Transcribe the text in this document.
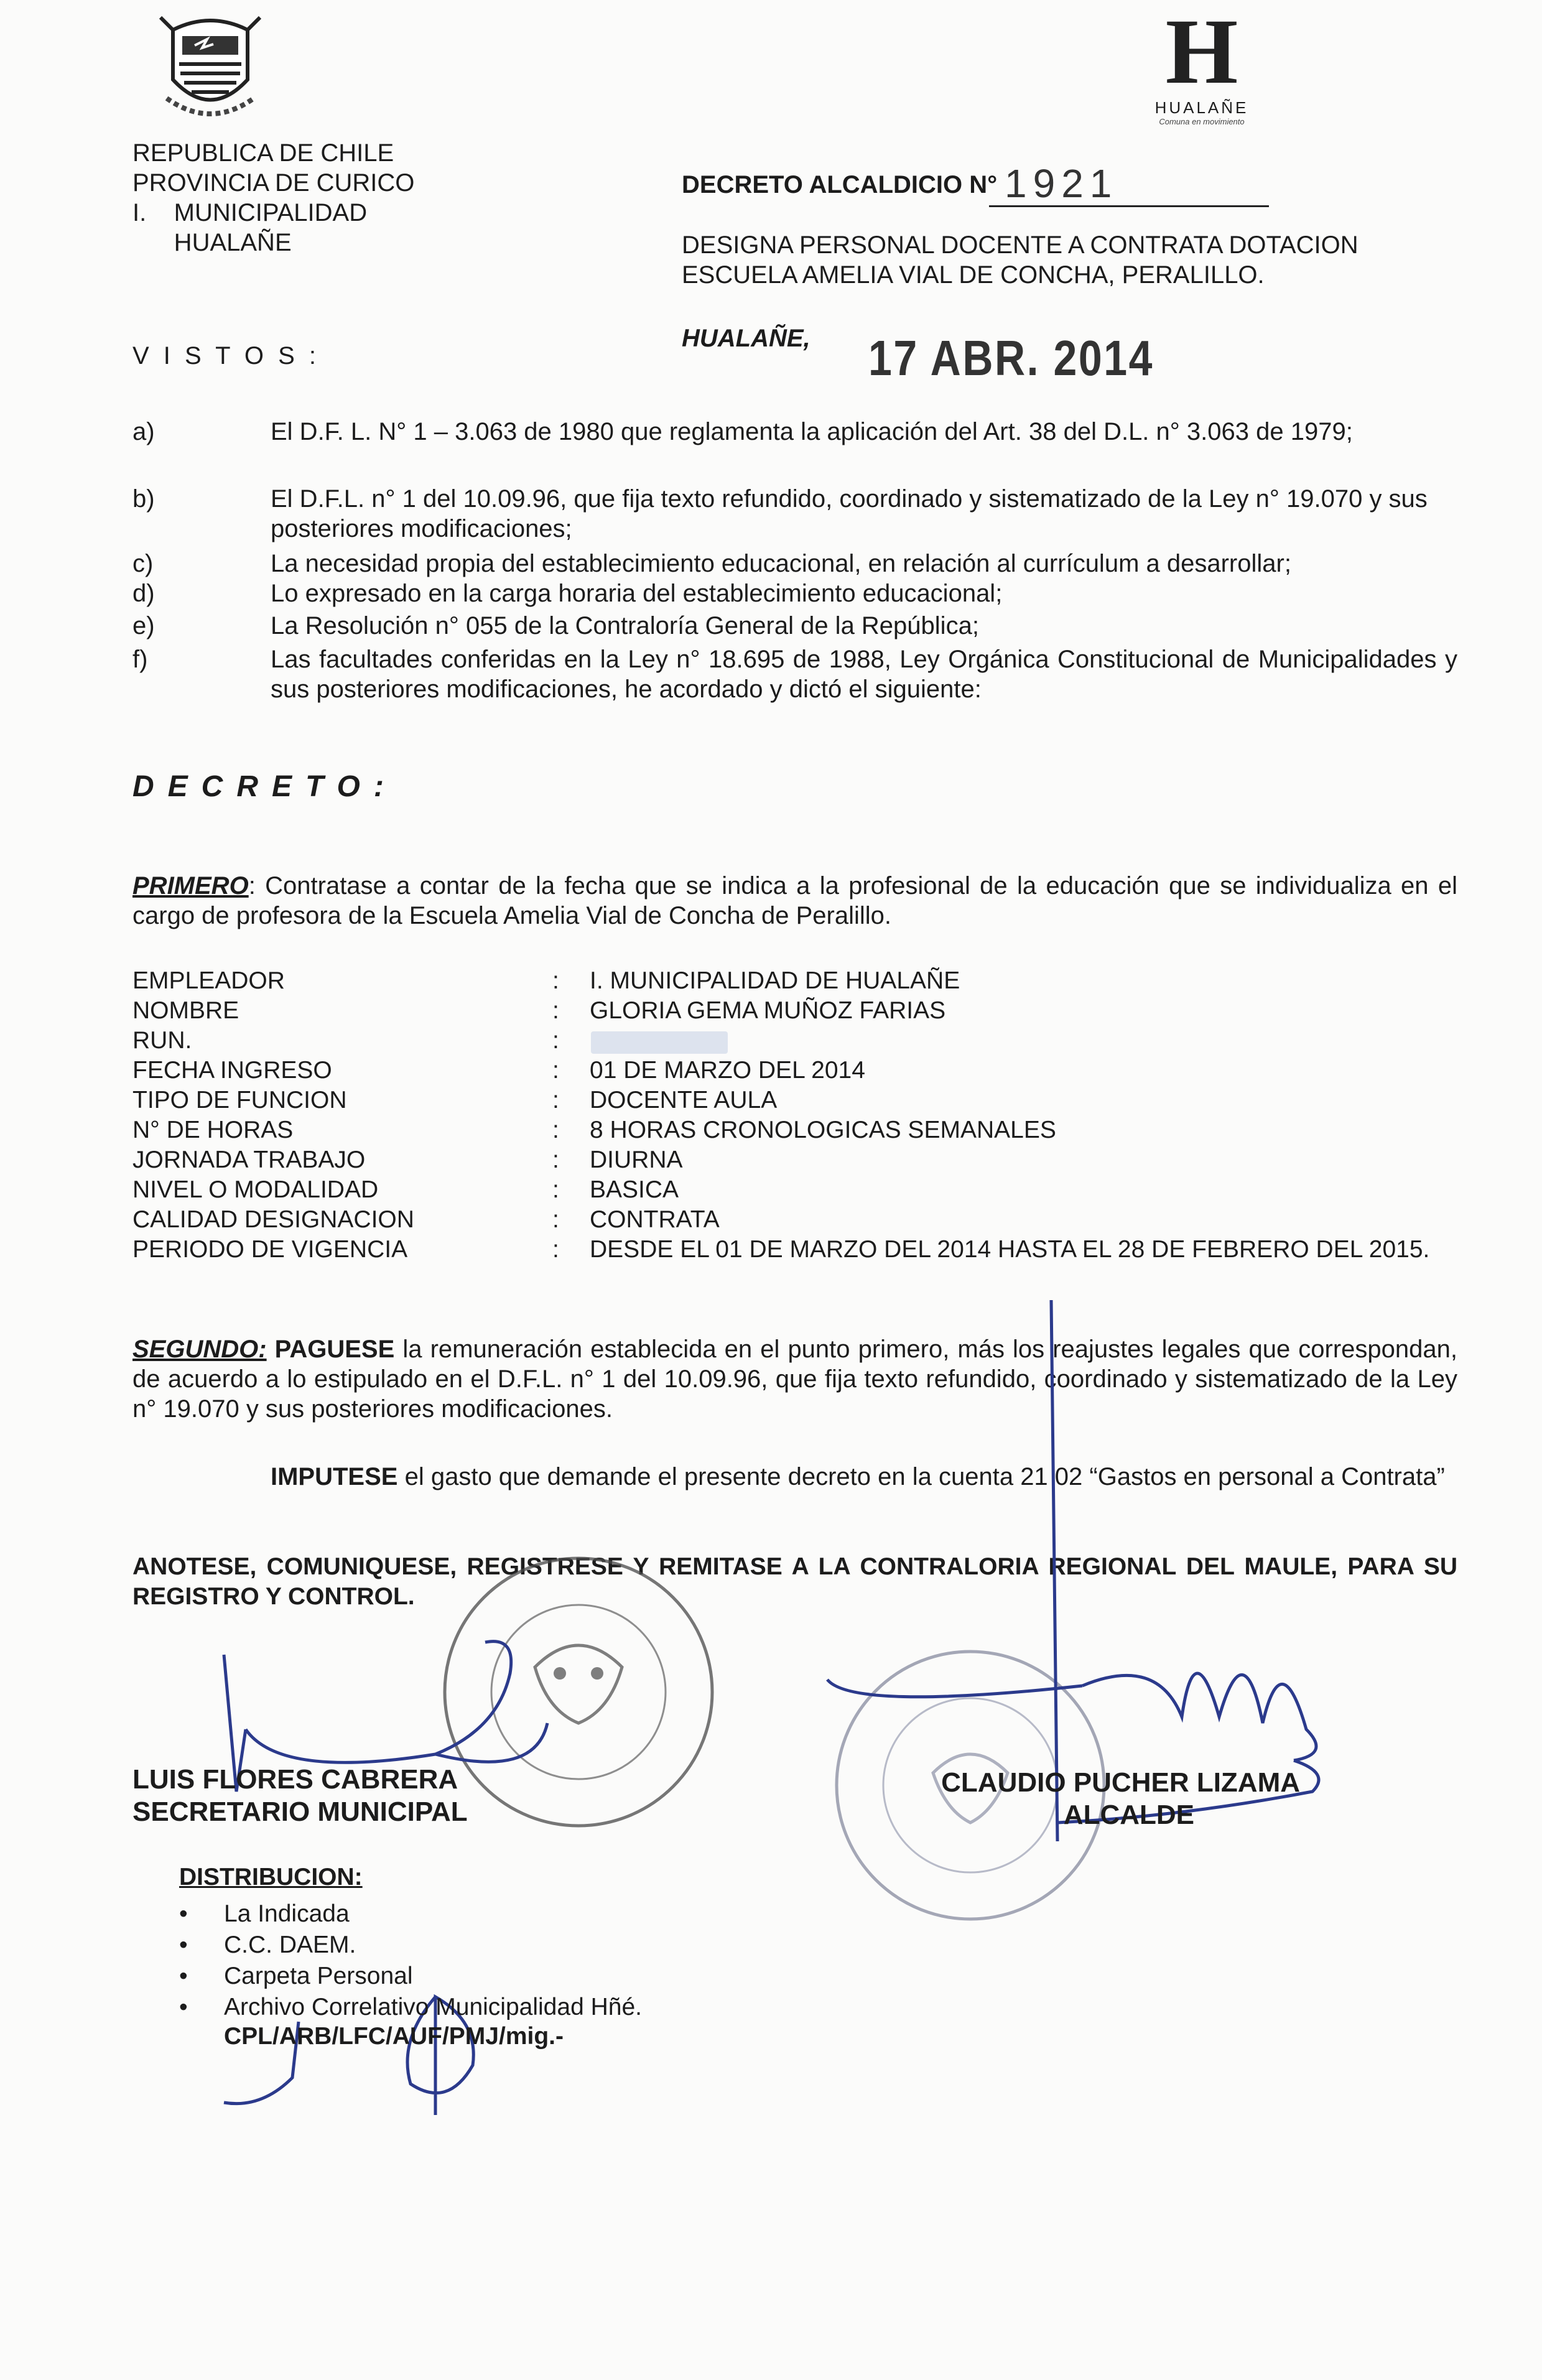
H
HUALAÑE
Comuna en movimiento
REPUBLICA DE CHILE
PROVINCIA DE CURICO
I.    MUNICIPALIDAD
HUALAÑE
DECRETO ALCALDICIO N° 1921
DESIGNA PERSONAL DOCENTE A CONTRATA DOTACION ESCUELA AMELIA VIAL DE CONCHA, PERALILLO.
HUALAÑE, 17 ABR. 2014
V I S T O S :
a)	El D.F. L. N° 1 – 3.063 de 1980 que reglamenta la aplicación del Art. 38 del D.L. n° 3.063 de 1979;
b)	El D.F.L. n° 1 del 10.09.96, que fija texto refundido, coordinado y sistematizado de la Ley n° 19.070 y sus posteriores modificaciones;
c)	La necesidad propia del establecimiento educacional, en relación al currículum a desarrollar;
d)	Lo expresado en la carga horaria del establecimiento educacional;
e)	La Resolución n° 055 de la Contraloría General de la República;
f)	Las facultades conferidas en la Ley n° 18.695 de 1988, Ley Orgánica Constitucional de Municipalidades y sus posteriores modificaciones, he acordado y dictó el siguiente:
DECRETO:
PRIMERO: Contratase a contar de la fecha que se indica a la profesional de la educación que se individualiza en el cargo de profesora de la Escuela Amelia Vial de Concha de Peralillo.
EMPLEADOR	: I. MUNICIPALIDAD DE HUALAÑE
NOMBRE	: GLORIA GEMA MUÑOZ FARIAS
RUN.	:
FECHA INGRESO	: 01 DE MARZO DEL 2014
TIPO DE FUNCION	: DOCENTE AULA
N° DE HORAS	: 8 HORAS CRONOLOGICAS SEMANALES
JORNADA TRABAJO	: DIURNA
NIVEL O MODALIDAD	: BASICA
CALIDAD DESIGNACION	: CONTRATA
PERIODO DE VIGENCIA	: DESDE EL 01 DE MARZO DEL 2014 HASTA EL 28 DE FEBRERO DEL 2015.
SEGUNDO: PAGUESE la remuneración establecida en el punto primero, más los reajustes legales que correspondan, de acuerdo a lo estipulado en el D.F.L. n° 1 del 10.09.96, que fija texto refundido, coordinado y sistematizado de la Ley n° 19.070 y sus posteriores modificaciones.
IMPUTESE el gasto que demande el presente decreto en la cuenta 21 02 “Gastos en personal a Contrata”
ANOTESE, COMUNIQUESE, REGISTRESE Y REMITASE A LA CONTRALORIA REGIONAL DEL MAULE, PARA SU REGISTRO Y CONTROL.
LUIS FLORES CABRERA
SECRETARIO MUNICIPAL
CLAUDIO PUCHER LIZAMA
ALCALDE
DISTRIBUCION:
• La Indicada
• C.C. DAEM.
• Carpeta Personal
• Archivo Correlativo Municipalidad Hñé.
CPL/ARB/LFC/AUF/PMJ/mig.-
